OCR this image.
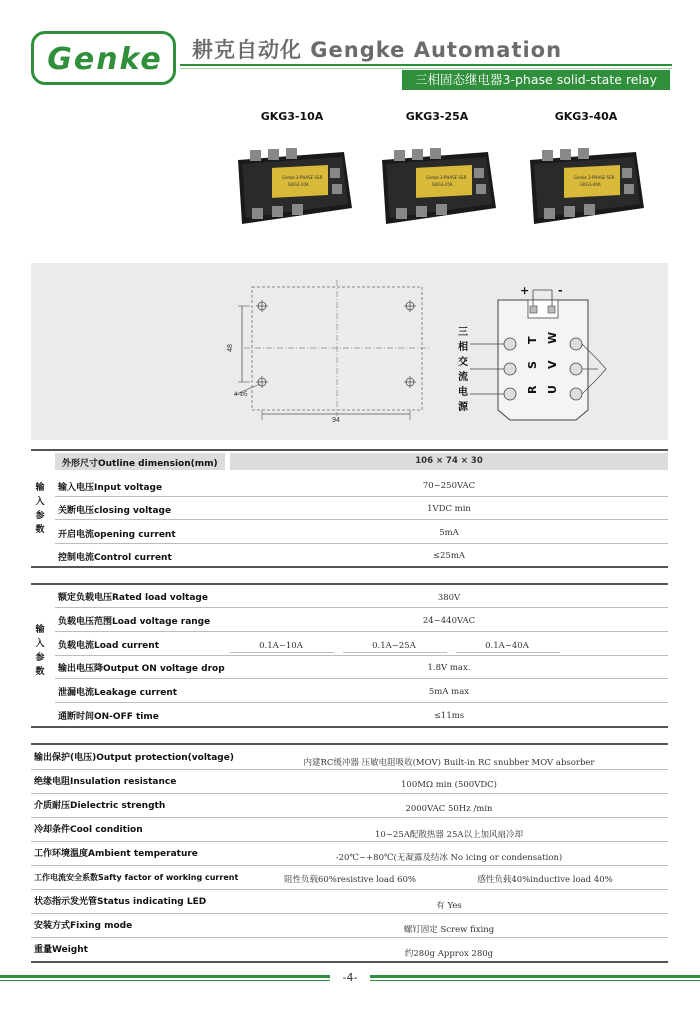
Genke	耕克自动化 Gengke Automation
三相固态继电器3-phase solid-state relay
GKG3-10A	GKG3-25A	GKG3-40A
Genke 3-PHASE SSR
GKG3-10A
Genke 3-PHASE SSR
GKG3-25A
Genke 3-PHASE SSR
GKG3-40A
48
94
4-Φ5
三
相
交
流
电
源
+	-
R
S
T
U
V
W
外形尺寸Outline dimension(mm)	106 × 74 × 30
输
入
参
数
输入电压Input voltage	70~250VAC
关断电压closing voltage	1VDC min
开启电流opening current	5mA
控制电流Control current	≤25mA
输
入
参
数
额定负载电压Rated load voltage	380V
负载电压范围Load voltage range	24~440VAC
负载电流Load current	0.1A~10A	0.1A~25A	0.1A~40A
输出电压降Output ON voltage drop	1.8V max.
泄漏电流Leakage current	5mA max
通断时间ON-OFF time	≤11ms
输出保护(电压)Output protection(voltage)	内建RC缓冲器 压敏电阻吸收(MOV) Built-in RC snubber MOV absorber
绝缘电阻Insulation resistance	100MΩ min (500VDC)
介质耐压Dielectric strength	2000VAC 50Hz /min
冷却条件Cool condition	10~25A配散热器 25A以上加风扇冷却
工作环境温度Ambient temperature	-20℃~+80℃(无凝露及结冰 No icing or condensation)
工作电流安全系数Safty factor of working current	阻性负载60%resistive load 60%	感性负载40%inductive load 40%
状态指示发光管Status indicating LED	有 Yes
安装方式Fixing mode	螺钉固定 Screw fixing
重量Weight	约280g Approx 280g
-4-
